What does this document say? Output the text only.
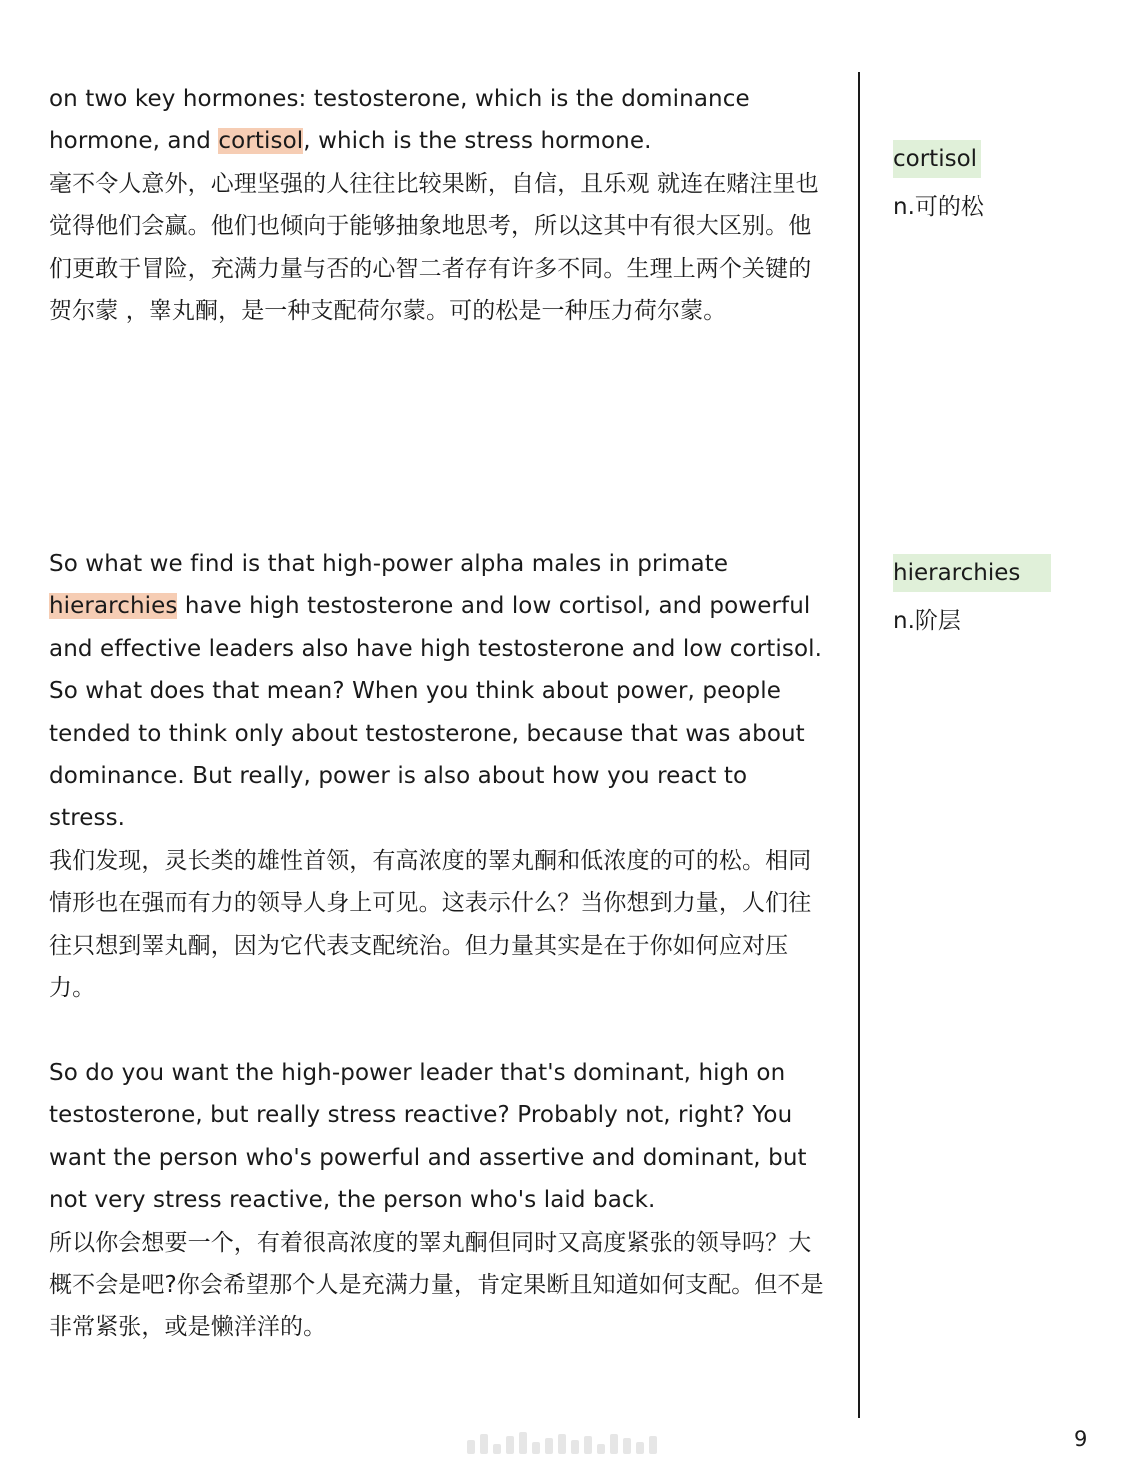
on two key hormones: testosterone, which is the dominance hormone, and cortisol, which is the stress hormone.

毫不令人意外，心理坚强的人往往比较果断，自信，且乐观 就连在赌注里也觉得他们会赢。他们也倾向于能够抽象地思考，所以这其中有很大区别。他们更敢于冒险，充满力量与否的心智二者存有许多不同。生理上两个关键的贺尔蒙 ，睾丸酮，是一种支配荷尔蒙。可的松是一种压力荷尔蒙。

So what we find is that high-power alpha males in primate hierarchies have high testosterone and low cortisol, and powerful and effective leaders also have high testosterone and low cortisol. So what does that mean? When you think about power, people tended to think only about testosterone, because that was about dominance. But really, power is also about how you react to stress.

我们发现，灵长类的雄性首领，有高浓度的睪丸酮和低浓度的可的松。相同情形也在强而有力的领导人身上可见。这表示什么？当你想到力量，人们往往只想到睪丸酮，因为它代表支配统治。但力量其实是在于你如何应对压力。

So do you want the high-power leader that's dominant, high on testosterone, but really stress reactive? Probably not, right? You want the person who's powerful and assertive and dominant, but not very stress reactive, the person who's laid back.

所以你会想要一个，有着很高浓度的睪丸酮但同时又高度紧张的领导吗？大概不会是吧?你会希望那个人是充满力量，肯定果断且知道如何支配。但不是非常紧张，或是懒洋洋的。

cortisol
n.可的松
hierarchies
n.阶层
9
